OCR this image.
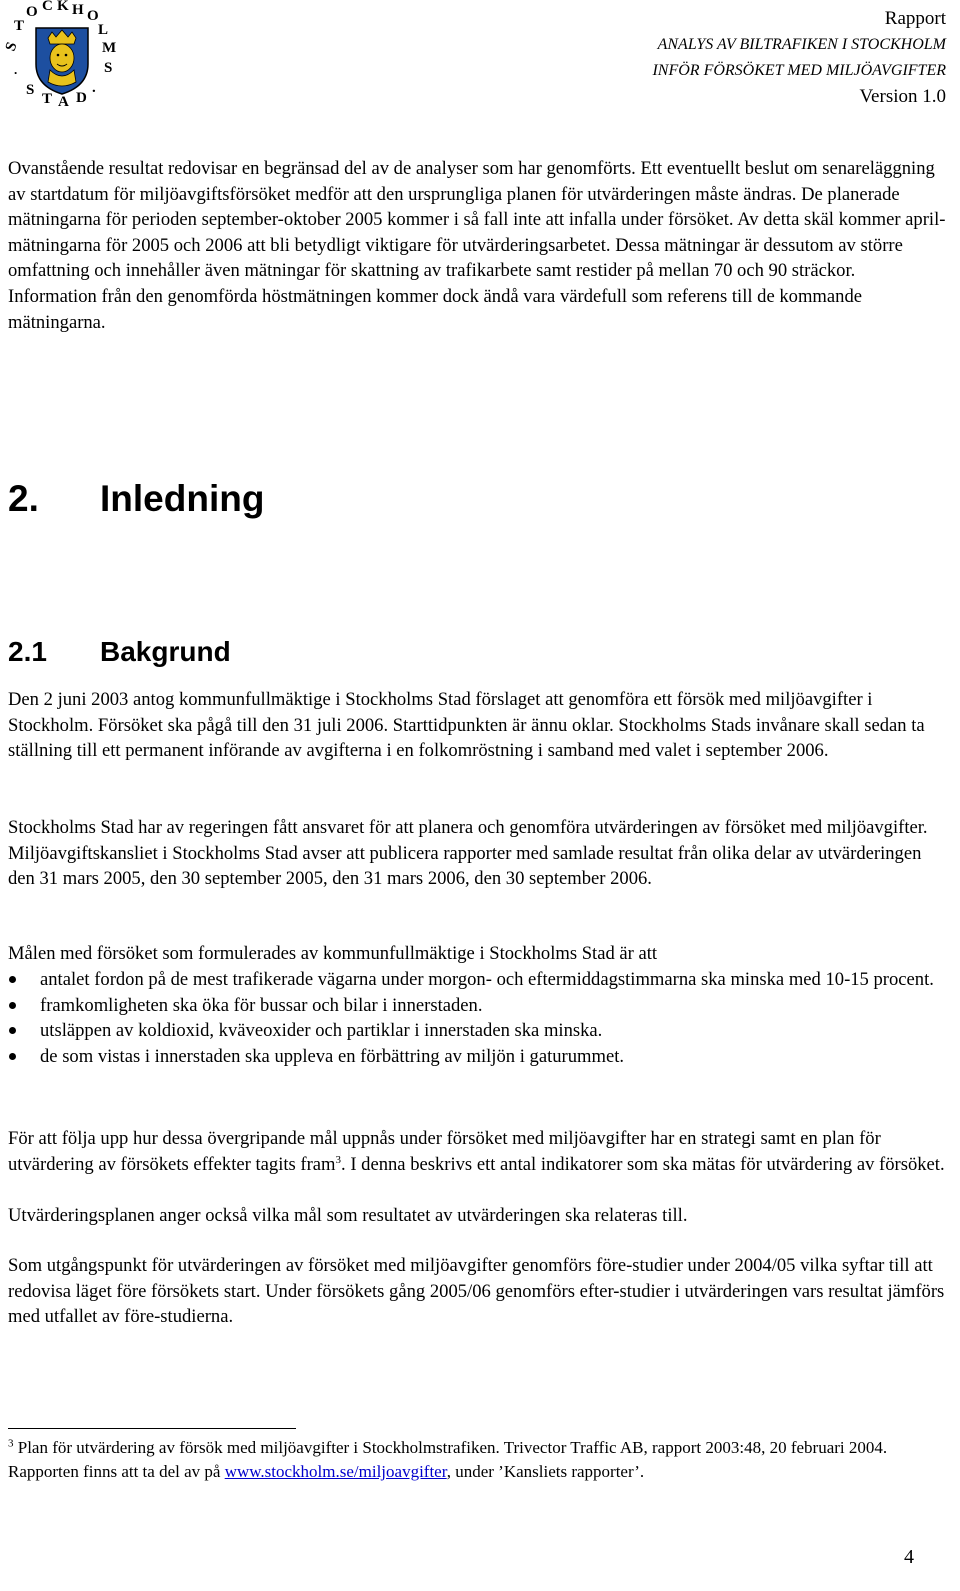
S
T
O C K H O
L
M
S
.
S
T A D
.
Rapport
ANALYS AV BILTRAFIKEN I STOCKHOLM
INFÖR FÖRSÖKET MED MILJÖAVGIFTER
Version 1.0

Ovanstående resultat redovisar en begränsad del av de analyser som har genomförts. Ett eventuellt beslut om senareläggning av startdatum för miljöavgiftsförsöket medför att den ursprungliga planen för utvärderingen måste ändras. De planerade mätningarna för perioden september-oktober 2005 kommer i så fall inte att infalla under försöket. Av detta skäl kommer april-mätningarna för 2005 och 2006 att bli betydligt viktigare för utvärderingsarbetet. Dessa mätningar är dessutom av större omfattning och innehåller även mätningar för skattning av trafikarbete samt restider på mellan 70 och 90 sträckor. Information från den genomförda höstmätningen kommer dock ändå vara värdefull som referens till de kommande mätningarna.

2. Inledning
2.1 Bakgrund

Den 2 juni 2003 antog kommunfullmäktige i Stockholms Stad förslaget att genomföra ett försök med miljöavgifter i Stockholm. Försöket ska pågå till den 31 juli 2006. Starttidpunkten är ännu oklar. Stockholms Stads invånare skall sedan ta ställning till ett permanent införande av avgifterna i en folkomröstning i samband med valet i september 2006.

Stockholms Stad har av regeringen fått ansvaret för att planera och genomföra utvärderingen av försöket med miljöavgifter. Miljöavgiftskansliet i Stockholms Stad avser att publicera rapporter med samlade resultat från olika delar av utvärderingen den 31 mars 2005, den 30 september 2005, den 31 mars 2006, den 30 september 2006.

Målen med försöket som formulerades av kommunfullmäktige i Stockholms Stad är att

antalet fordon på de mest trafikerade vägarna under morgon- och eftermiddagstimmarna ska minska med 10-15 procent.
framkomligheten ska öka för bussar och bilar i innerstaden.
utsläppen av koldioxid, kväveoxider och partiklar i innerstaden ska minska.
de som vistas i innerstaden ska uppleva en förbättring av miljön i gaturummet.

För att följa upp hur dessa övergripande mål uppnås under försöket med miljöavgifter har en strategi samt en plan för utvärdering av försökets effekter tagits fram$^3$. I denna beskrivs ett antal indikatorer som ska mätas för utvärdering av försöket.

Utvärderingsplanen anger också vilka mål som resultatet av utvärderingen ska relateras till.

Som utgångspunkt för utvärderingen av försöket med miljöavgifter genomförs före-studier under 2004/05 vilka syftar till att redovisa läget före försökets start. Under försökets gång 2005/06 genomförs efter-studier i utvärderingen vars resultat jämförs med utfallet av före-studierna.

$^3$ Plan för utvärdering av försök med miljöavgifter i Stockholmstrafiken. Trivector Traffic AB, rapport 2003:48, 20 februari 2004. Rapporten finns att ta del av på www.stockholm.se/miljoavgifter, under ’Kansliets rapporter’.

4
